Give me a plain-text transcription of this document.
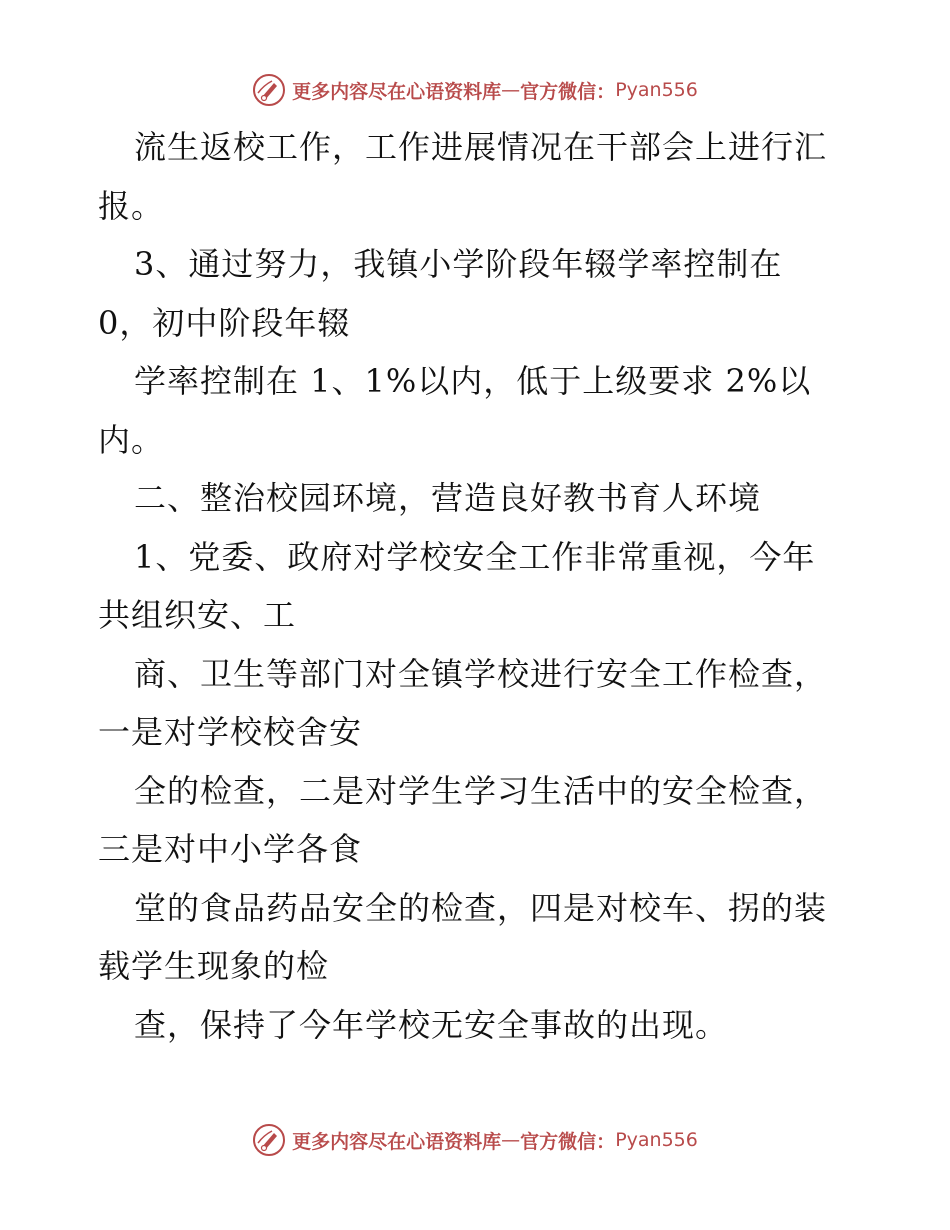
更多内容尽在心语资料库 — 官方微信： Pyan556
流生返校工作，工作进展情况在干部会上进行汇
报。
3、通过努力，我镇小学阶段年辍学率控制在
0，初中阶段年辍
学率控制在 1、1%以内，低于上级要求 2%以
内。
二、整治校园环境，营造良好教书育人环境
1、党委、政府对学校安全工作非常重视，今年
共组织安、工
商、卫生等部门对全镇学校进行安全工作检查，
一是对学校校舍安
全的检查，二是对学生学习生活中的安全检查，
三是对中小学各食
堂的食品药品安全的检查，四是对校车、拐的装
载学生现象的检
查，保持了今年学校无安全事故的出现。
更多内容尽在心语资料库 — 官方微信： Pyan556
